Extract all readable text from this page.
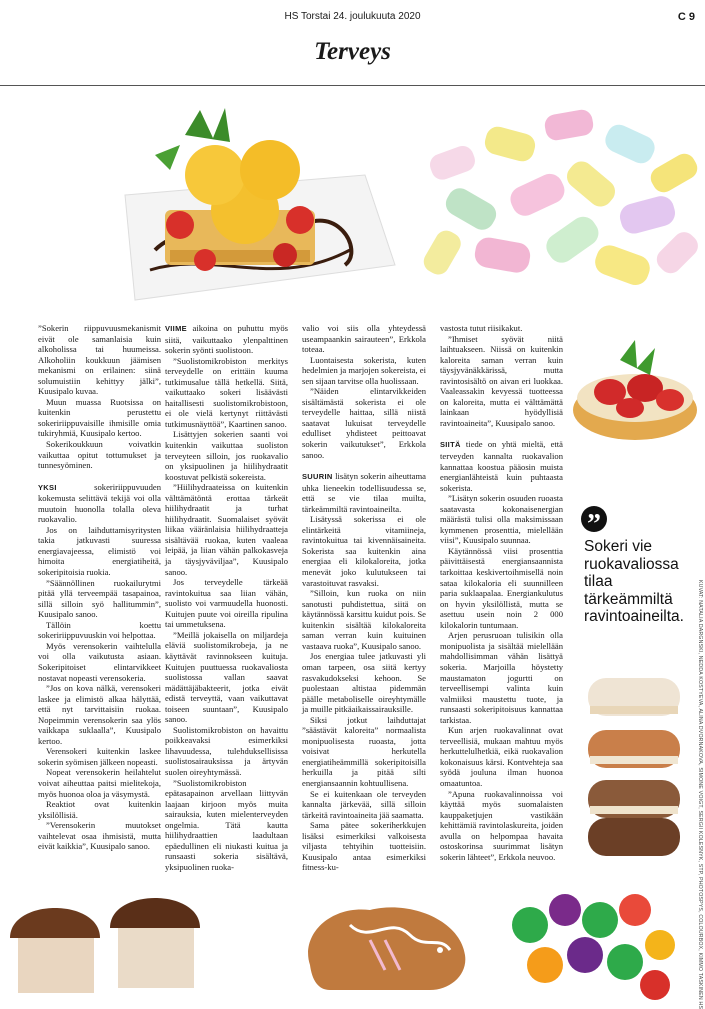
HS Torstai 24. joulukuuta 2020	C 9
Terveys

”Sokerin riippuvuusmekanismit eivät ole samanlaisia kuin alkoholissa tai huumeissa. Alkoholiin koukkuun jäämisen mekanismi on erilainen: siinä solumuistiin kehittyy jälki”, Kuusipalo kuvaa.

Muun muassa Ruotsissa on kuitenkin perustettu sokeririippuvaisille ihmisille omia tukiryhmiä, Kuusipalo kertoo.

Sokerikoukkuun voivatkin vaikuttaa opitut tottumukset ja tunnesyöminen.

YKSI	sokeririippuvuuden kokemusta selittävä tekijä voi olla muutoin huonolla tolalla oleva ruokavalio.

Jos on laihduttamisyritysten takia jatkuvasti suuressa energiavajeessa, elimistö voi himoita energiatiheitä, sokeripitoisia ruokia.

”Säännöllinen ruokailurytmi pitää yllä terveempää tasapainoa, sillä silloin syö hallitummin”, Kuusipalo sanoo.

Tällöin koettu sokeririippuvuuskin voi helpottaa.

Myös verensokerin vaihtelulla voi olla vaikutusta asiaan. Sokeripitoiset elintarvikkeet nostavat nopeasti verensokeria.

”Jos on kova nälkä, verensokeri laskee ja elimistö alkaa hälyttää, että nyt tarvittaisiin ruokaa. Nopeimmin verensokerin saa ylös vaikkapa suklaalla”, Kuusipalo kertoo.

Verensokeri kuitenkin laskee sokerin syömisen jälkeen nopeasti.

Nopeat verensokerin heilahtelut voivat aiheuttaa paitsi mielitekoja, myös huonoa oloa ja väsymystä.

Reaktiot ovat kuitenkin yksilöllisiä.

”Verensokerin muutokset vaihtelevat osaa ihmisistä, mutta eivät kaikkia”, Kuusipalo sanoo.

VIIME aikoina on puhuttu myös siitä, vaikuttaako ylenpalttinen sokerin syönti suolistoon.

”Suolistomikrobiston merkitys terveydelle on erittäin kuuma tutkimusalue tällä hetkellä. Siitä, vaikuttaako sokeri lisäävästi haitallisesti suolistomikrobistoon, ei ole vielä kertynyt riittävästi tutkimusnäyttöä”, Kaartinen sanoo.

Lisättyjen sokerien saanti voi kuitenkin vaikuttaa suoliston terveyteen silloin, jos ruokavalio on yksipuolinen ja hiilihydraatit koostuvat pelkistä sokereista.

”Hiilihydraateissa on kuitenkin välttämätöntä erottaa tärkeät hiilihydraatit ja turhat hiilihydraatit. Suomalaiset syövät liikaa vääränlaisia hiilihydraatteja sisältävää ruokaa, kuten vaaleaa leipää, ja liian vähän palkokasveja ja täysjyväviljaa”, Kuusipalo sanoo.

Jos terveydelle tärkeää ravintokuitua saa liian vähän, suolisto voi varmuudella huonosti. Kuitujen puute voi oireilla ripulina tai ummetuksena.

”Meillä jokaisella on miljardeja eläviä suolistomikrobeja, ja ne käyttävät ravinnokseen kuituja. Kuitujen puuttuessa ruokavaliosta suolistossa vallan saavat mädättäjäbakteerit, jotka eivät edistä terveyttä, vaan vaikuttavat toiseen suuntaan”, Kuusipalo sanoo.

Suolistomikrobiston on havaittu poikkeavaksi esimerkiksi lihavuudessa, tulehduksellisissa suolistosairauksissa ja ärtyvän suolen oireyhtymässä.

”Suolistomikrobiston epätasapainon arvellaan liittyvän laajaan kirjoon myös muita sairauksia, kuten mielenterveyden ongelmia. Tätä kautta hiilihydraattien laadultaan epäedullinen eli niukasti kuitua ja runsaasti sokeria sisältävä, yksipuolinen ruoka-

valio voi siis olla yhteydessä useampaankin sairauteen”, Erkkola toteaa.

Luontaisesta sokerista, kuten hedelmien ja marjojen sokereista, ei sen sijaan tarvitse olla huolissaan.

”Näiden elintarvikkeiden sisältämästä sokerista ei ole terveydelle haittaa, sillä niistä saatavat lukuisat terveydelle edulliset yhdisteet peittoavat sokerin vaikutukset”, Erkkola sanoo.

SUURIN lisätyn sokerin aiheuttama uhka lieneekin todellisuudessa se, että se vie tilaa muilta, tärkeämmiltä ravintoaineilta.

Lisätyssä sokerissa ei ole elintärkeitä vitamiineja, ravintokuitua tai kivennäisaineita. Sokerista saa kuitenkin aina energiaa eli kilokaloreita, jotka menevät joko kulutukseen tai varastoituvat rasvaksi.

”Silloin, kun ruoka on niin sanotusti puhdistettua, siitä on käytännössä karsittu kuidut pois. Se kuitenkin sisältää kilokaloreita saman verran kuin kuituinen vastaava ruoka”, Kuusipalo sanoo.

Jos energiaa tulee jatkuvasti yli oman tarpeen, osa siitä kertyy rasvakudokseksi kehoon. Se puolestaan altistaa pidemmän päälle metaboliselle oireyhtymälle ja muille pitkäaikaissairauksille.

Siksi jotkut laihduttajat ”säästävät kaloreita” normaalista monipuolisesta ruoasta, jotta voisivat herkutella energiatiheämmillä sokeripitoisilla herkuilla ja pitää silti energiansaannin kohtuullisena.

Se ei kuitenkaan ole terveyden kannalta järkevää, sillä silloin tärkeitä ravintoaineita jää saamatta.

Sama pätee sokeriherkkujen lisäksi esimerkiksi valkoisesta viljasta tehtyihin tuotteisiin. Kuusipalo antaa esimerkiksi fitness-ku-

vastosta tutut riisikakut.

”Ihmiset syövät niitä laihtuakseen. Niissä on kuitenkin kaloreita saman verran kuin täysjyvänäkkärissä, mutta ravintosisältö on aivan eri luokkaa. Vaaleassakin kevyessä tuotteessa on kaloreita, mutta ei välttämättä lainkaan hyödyllisiä ravintoaineita”, Kuusipalo sanoo.

SIITÄ tiede on yhtä mieltä, että terveyden kannalta ruokavalion kannattaa koostua pääosin muista energianlähteistä kuin puhtaasta sokerista.

”Lisätyn sokerin osuuden ruoasta saatavasta kokonaisenergian määrästä tulisi olla maksimissaan kymmenen prosenttia, mielellään viisi”, Kuusipalo suunnaa.

Käytännössä viisi prosenttia päivittäisestä energiansaannista tarkoittaa keskivertoihmisellä noin sataa kilokaloria eli suunnilleen paria suklaapalaa. Energiankulutus on hyvin yksilöllistä, mutta se asettuu usein noin 2 000 kilokalorin tuntumaan.

Arjen perusruoan tulisikin olla monipuolista ja sisältää mielellään mahdollisimman vähän lisättyä sokeria. Marjoilla höystetty maustamaton jogurtti on terveellisempi valinta kuin valmiiksi maustettu tuote, ja runsaasti sokeripitoisuus kannattaa tarkistaa.

Kun arjen ruokavalinnat ovat terveellisiä, mukaan mahtuu myös herkuttelulhetkiä, eikä ruokavalion kokonaisuus kärsi. Kontvehteja saa syödä jouluna ilman huonoa omaatuntoa.

”Apuna ruokavalinnoissa voi käyttää myös suomalaisten kauppaketjujen vastikään kehittämiä ravintolaskureita, joiden avulla on helpompaa havaita ostoskorinsa suurimmat lisätyn sokerin lähteet”, Erkkola neuvoo.

”
Sokeri vie ruokavaliossa tilaa tärkeämmiltä ravintoaineilta.	KUVAT: NATALIA DARGNSKI, NEDDA KOSTYEVA, ALINA DVORNAKOVA, SIMONE VOIGT, SERGII KOLESNYK, STP, PHOTOSPYS, COLOURBOX, KIMMO TASKINEN HS
